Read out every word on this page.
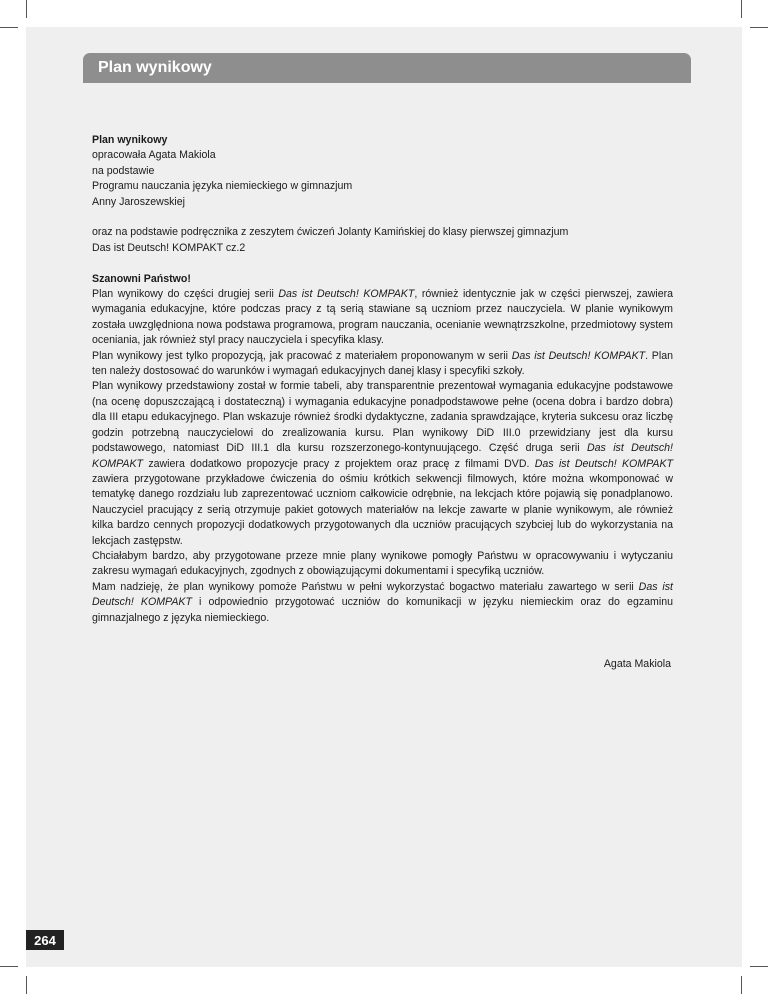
Plan wynikowy

Plan wynikowy

opracowała Agata Makiola

na podstawie

Programu nauczania języka niemieckiego w gimnazjum

Anny Jaroszewskiej

oraz na podstawie podręcznika z zeszytem ćwiczeń Jolanty Kamińskiej do klasy pierwszej gimnazjum

Das ist Deutsch! KOMPAKT cz.2

Szanowni Państwo!

Plan wynikowy do części drugiej serii Das ist Deutsch! KOMPAKT, również identycznie jak w części pierwszej, zawiera wymagania edukacyjne, które podczas pracy z tą serią stawiane są uczniom przez nauczyciela. W planie wynikowym została uwzględniona nowa podstawa programowa, program nauczania, ocenianie wewnątrzszkolne, przedmiotowy system oceniania, jak również styl pracy nauczyciela i specyfika klasy.

Plan wynikowy jest tylko propozycją, jak pracować z materiałem proponowanym w serii Das ist Deutsch! KOMPAKT. Plan ten należy dostosować do warunków i wymagań edukacyjnych danej klasy i specyfiki szkoły.

Plan wynikowy przedstawiony został w formie tabeli, aby transparentnie prezentował wymagania edukacyjne podstawowe (na ocenę dopuszczającą i dostateczną) i wymagania edukacyjne ponadpodstawowe pełne (ocena dobra i bardzo dobra) dla III etapu edukacyjnego. Plan wskazuje również środki dydaktyczne, zadania sprawdzające, kryteria sukcesu oraz liczbę godzin potrzebną nauczycielowi do zrealizowania kursu. Plan wynikowy DiD III.0 przewidziany jest dla kursu podstawowego, natomiast DiD III.1 dla kursu rozszerzonego-kontynuującego. Część druga serii Das ist Deutsch! KOMPAKT zawiera dodatkowo propozycje pracy z projektem oraz pracę z filmami DVD. Das ist Deutsch! KOMPAKT zawiera przygotowane przykładowe ćwiczenia do ośmiu krótkich sekwencji filmowych, które można wkomponować w tematykę danego rozdziału lub zaprezentować uczniom całkowicie odrębnie, na lekcjach które pojawią się ponadplanowo. Nauczyciel pracujący z serią otrzymuje pakiet gotowych materiałów na lekcje zawarte w planie wynikowym, ale również kilka bardzo cennych propozycji dodatkowych przygotowanych dla uczniów pracujących szybciej lub do wykorzystania na lekcjach zastępstw.

Chciałabym bardzo, aby przygotowane przeze mnie plany wynikowe pomogły Państwu w opracowywaniu i wytyczaniu zakresu wymagań edukacyjnych, zgodnych z obowiązującymi dokumentami i specyfiką uczniów.

Mam nadzieję, że plan wynikowy pomoże Państwu w pełni wykorzystać bogactwo materiału zawartego w serii Das ist Deutsch! KOMPAKT i odpowiednio przygotować uczniów do komunikacji w języku niemieckim oraz do egzaminu gimnazjalnego z języka niemieckiego.

Agata Makiola

264
